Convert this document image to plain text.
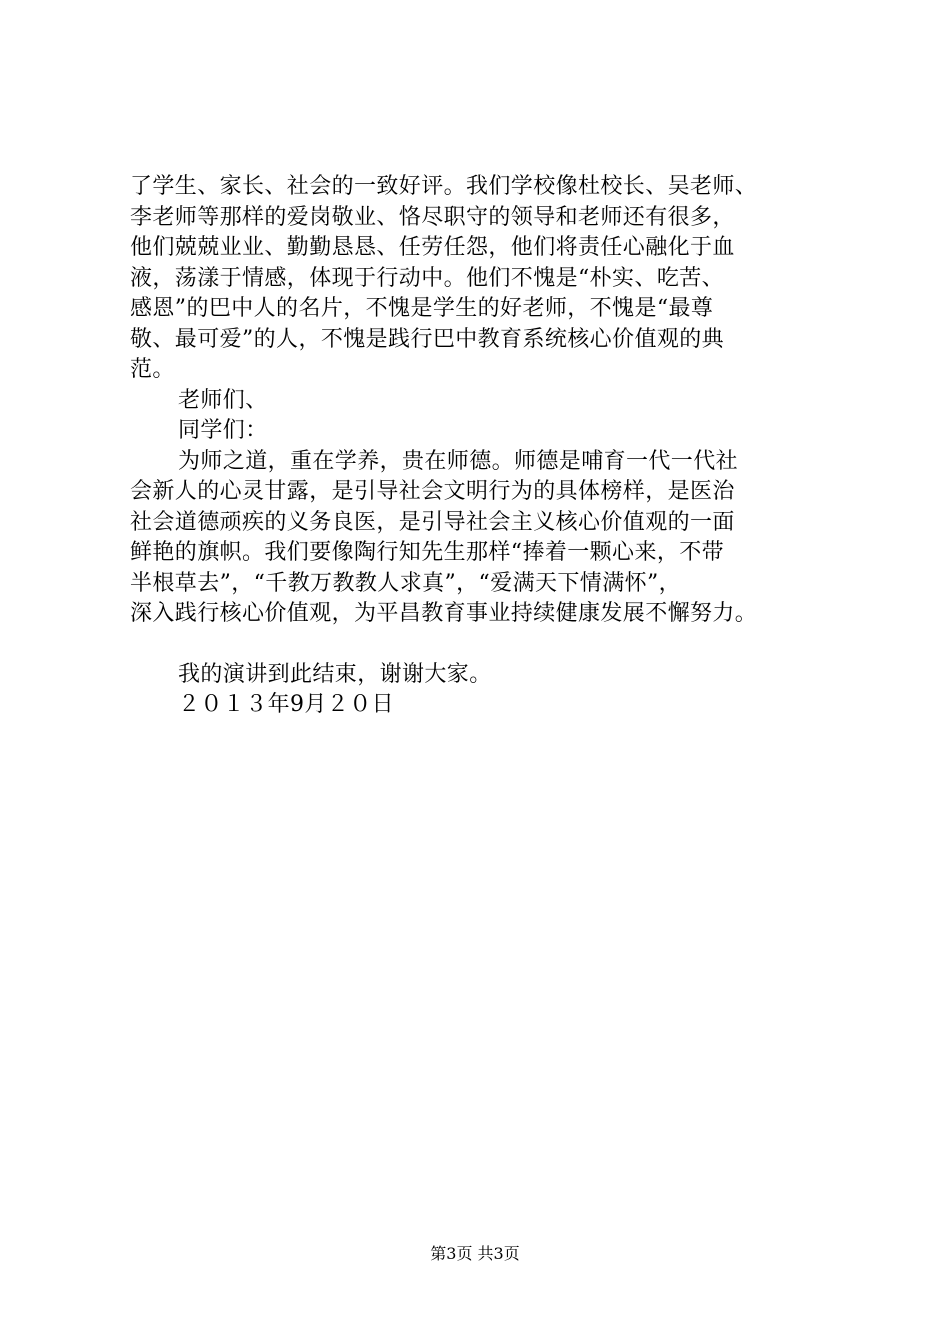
了学生、家长、社会的一致好评。我们学校像杜校长、吴老师、
李老师等那样的爱岗敬业、恪尽职守的领导和老师还有很多，
他们兢兢业业、勤勤恳恳、任劳任怨，他们将责任心融化于血
液，荡漾于情感，体现于行动中。他们不愧是“朴实、吃苦、
感恩”的巴中人的名片，不愧是学生的好老师，不愧是“最尊
敬、最可爱”的人，不愧是践行巴中教育系统核心价值观的典
范。
老师们、
同学们：
为师之道，重在学养，贵在师德。师德是哺育一代一代社
会新人的心灵甘露，是引导社会文明行为的具体榜样，是医治
社会道德顽疾的义务良医，是引导社会主义核心价值观的一面
鲜艳的旗帜。我们要像陶行知先生那样“捧着一颗心来，不带
半根草去”，“千教万教教人求真”，“爱满天下情满怀”，
深入践行核心价值观，为平昌教育事业持续健康发展不懈努力。
我的演讲到此结束，谢谢大家。
２０１３年9月２０日
第3页 共3页
